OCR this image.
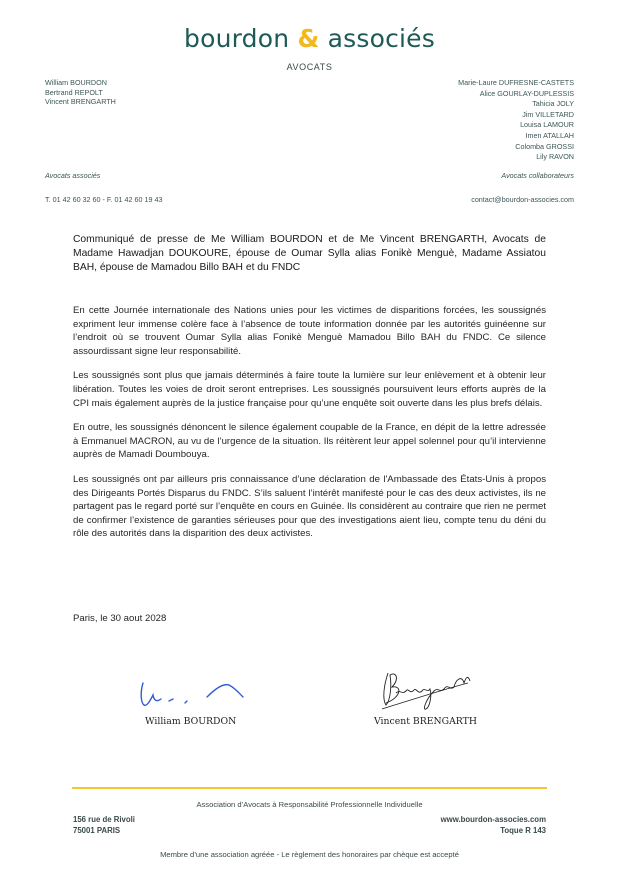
bourdon & associés
AVOCATS
William BOURDON
Bertrand REPOLT
Vincent BRENGARTH
Marie-Laure DUFRESNE-CASTETS
Alice GOURLAY-DUPLESSIS
Tahicia JOLY
Jim VILLETARD
Louisa LAMOUR
Imen ATALLAH
Colomba GROSSI
Lily RAVON
Avocats associés	Avocats collaborateurs
T. 01 42 60 32 60 - F. 01 42 60 19 43	contact@bourdon-associes.com
Communiqué de presse de Me William BOURDON et de Me Vincent BRENGARTH, Avocats de Madame Hawadjan DOUKOURE, épouse de Oumar Sylla alias Fonikè Menguè, Madame Assiatou BAH, épouse de Mamadou Billo BAH et du FNDC

En cette Journée internationale des Nations unies pour les victimes de disparitions forcées, les soussignés expriment leur immense colère face à l’absence de toute information donnée par les autorités guinéenne sur l’endroit où se trouvent Oumar Sylla alias Fonikè Menguè Mamadou Billo BAH du FNDC. Ce silence assourdissant signe leur responsabilité.

Les soussignés sont plus que jamais déterminés à faire toute la lumière sur leur enlèvement et à obtenir leur libération. Toutes les voies de droit seront entreprises. Les soussignés poursuivent leurs efforts auprès de la CPI mais également auprès de la justice française pour qu’une enquête soit ouverte dans les plus brefs délais.

En outre, les soussignés dénoncent le silence également coupable de la France, en dépit de la lettre adressée à Emmanuel MACRON, au vu de l’urgence de la situation. Ils réitèrent leur appel solennel pour qu’il intervienne auprès de Mamadi Doumbouya.

Les soussignés ont par ailleurs pris connaissance d’une déclaration de l'Ambassade des États-Unis à propos des Dirigeants Portés Disparus du FNDC. S’ils saluent l’intérêt manifesté pour le cas des deux activistes, ils ne partagent pas le regard porté sur l’enquête en cours en Guinée. Ils considèrent au contraire que rien ne permet de confirmer l’existence de garanties sérieuses pour que des investigations aient lieu, compte tenu du déni du rôle des autorités dans la disparition des deux activistes.

Paris, le 30 aout 2028
William BOURDON	Vincent BRENGARTH
Association d’Avocats à Responsabilité Professionnelle Individuelle
156 rue de Rivoli
75001 PARIS
www.bourdon-associes.com
Toque R 143
Membre d’une association agréée - Le règlement des honoraires par chèque est accepté
